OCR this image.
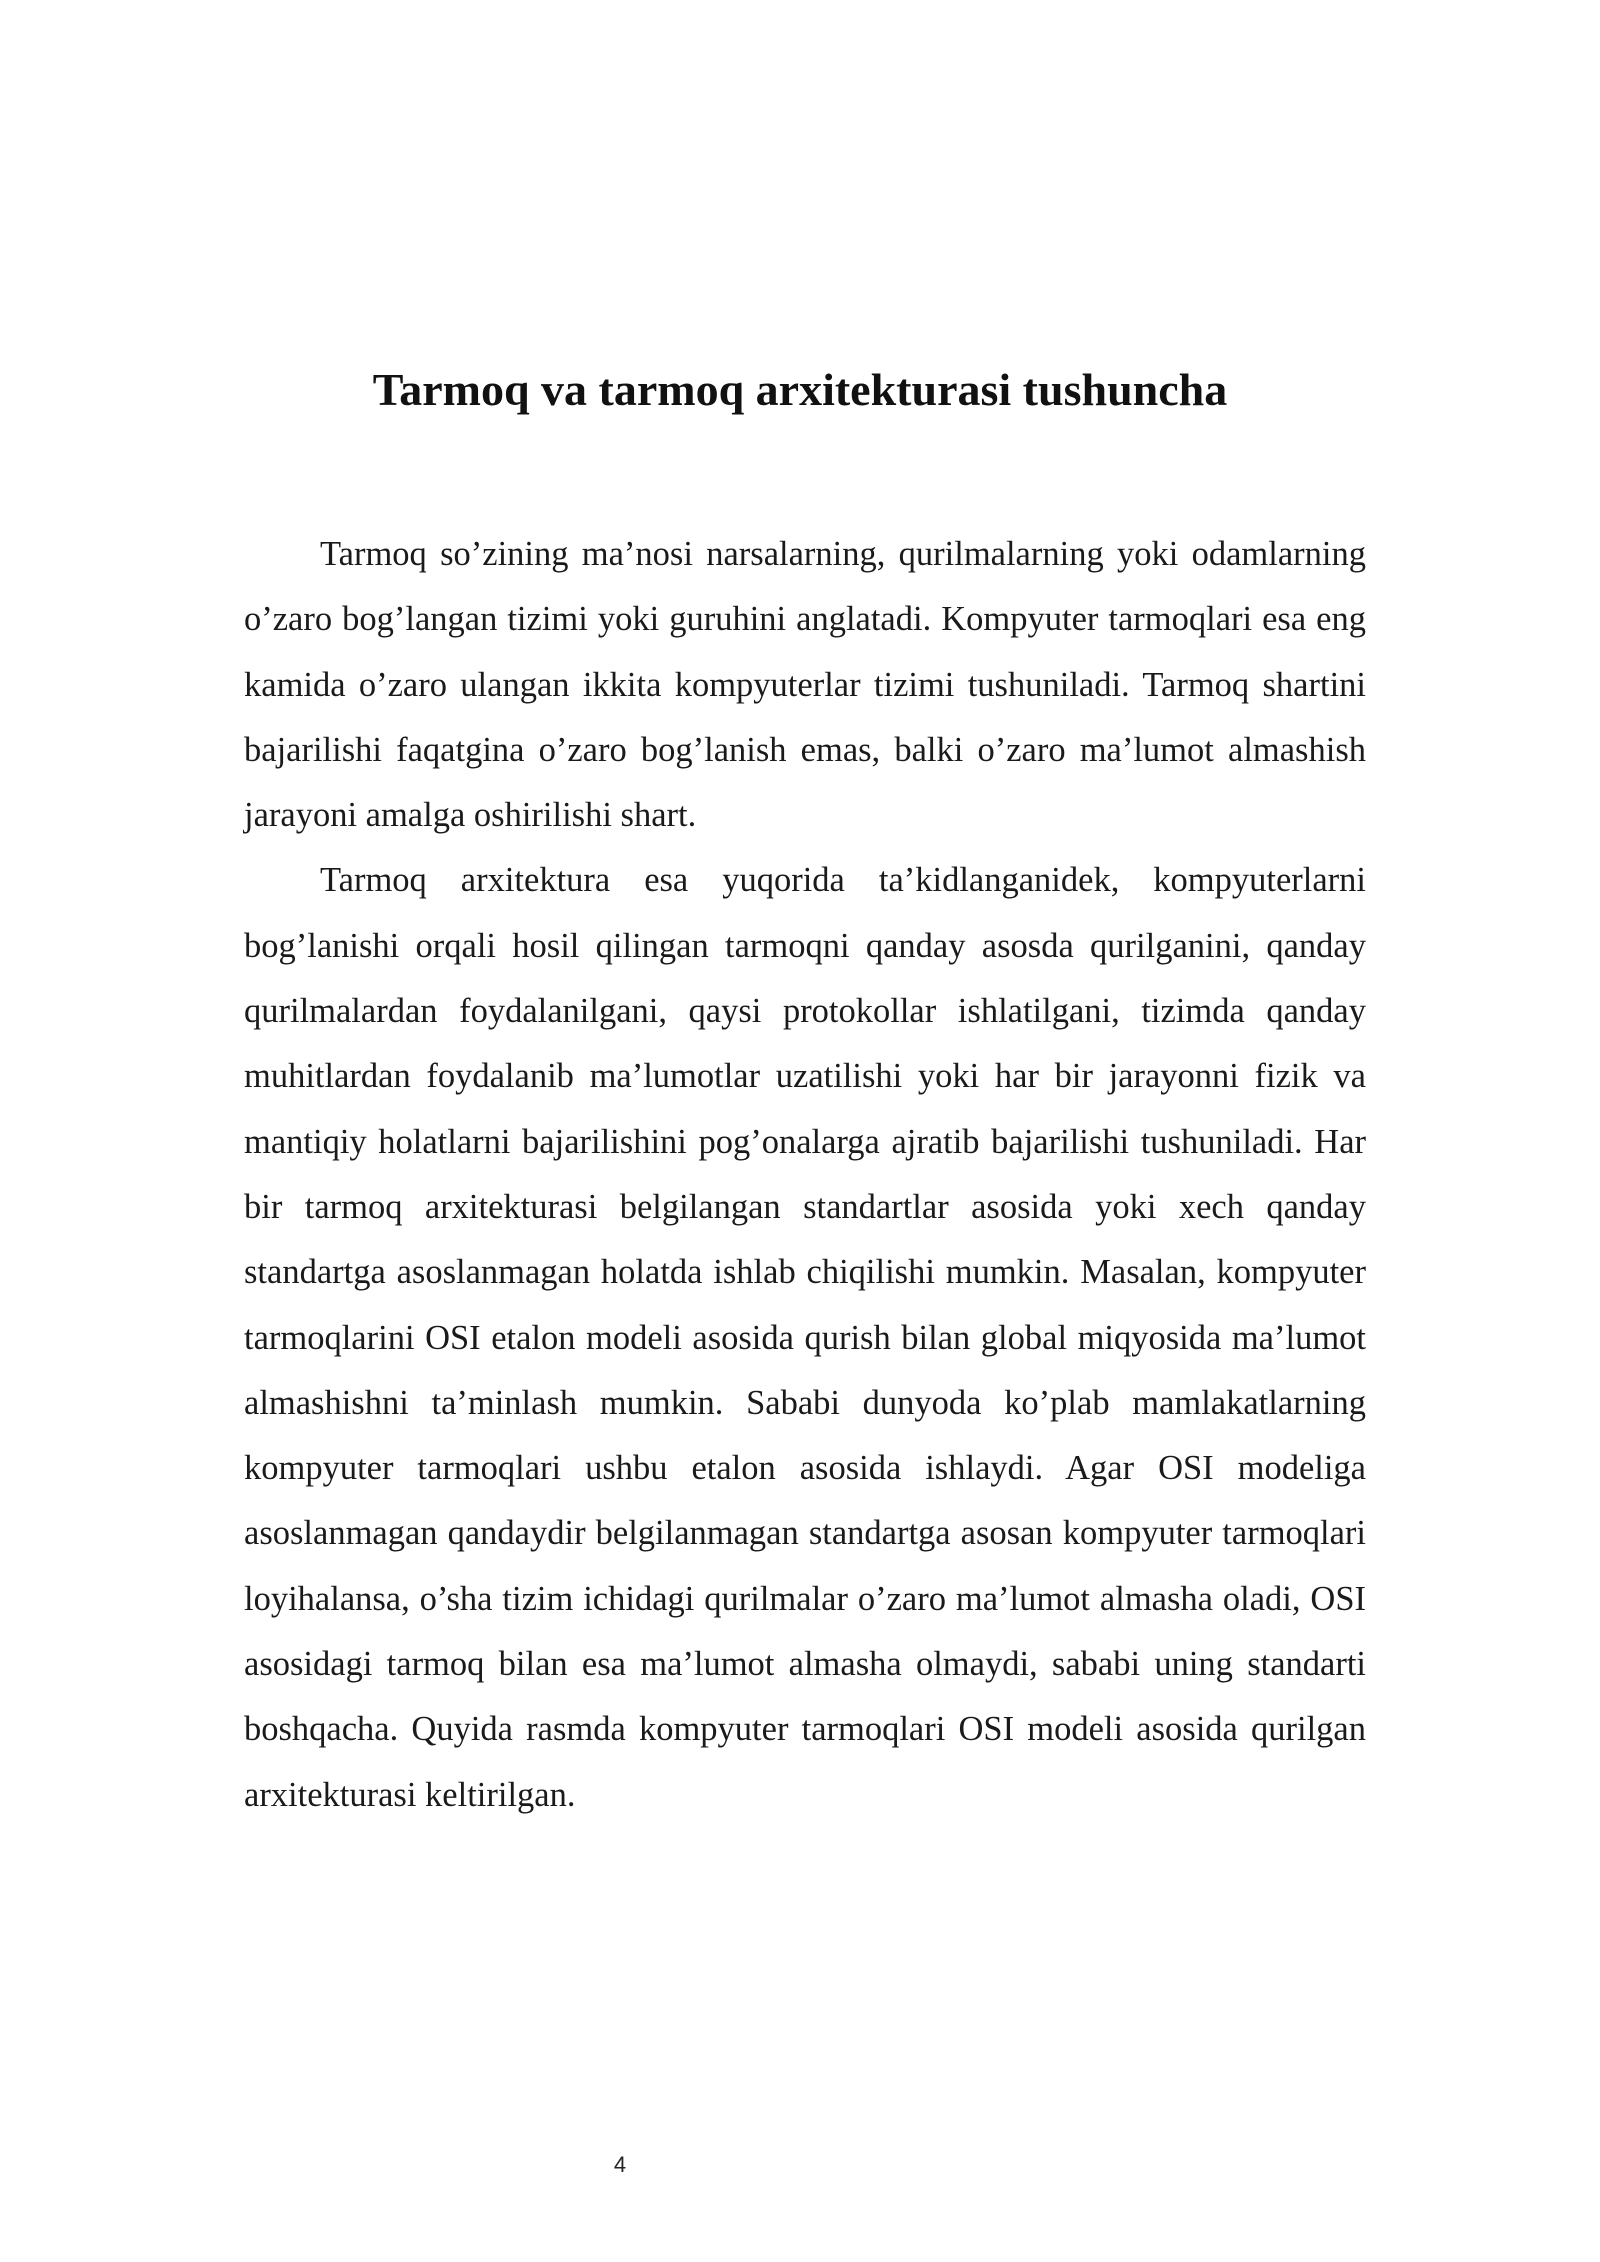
Tarmoq va tarmoq arxitekturasi tushuncha

Tarmoq so’zining ma’nosi narsalarning, qurilmalarning yoki odamlarning o’zaro bog’langan tizimi yoki guruhini anglatadi. Kompyuter tarmoqlari esa eng kamida o’zaro ulangan ikkita kompyuterlar tizimi tushuniladi. Tarmoq shartini bajarilishi faqatgina o’zaro bog’lanish emas, balki o’zaro ma’lumot almashish jarayoni amalga oshirilishi shart.

Tarmoq arxitektura esa yuqorida ta’kidlanganidek, kompyuterlarni bog’lanishi orqali hosil qilingan tarmoqni qanday asosda qurilganini, qanday qurilmalardan foydalanilgani, qaysi protokollar ishlatilgani, tizimda qanday muhitlardan foydalanib ma’lumotlar uzatilishi yoki har bir jarayonni fizik va mantiqiy holatlarni bajarilishini pog’onalarga ajratib bajarilishi tushuniladi. Har bir tarmoq arxitekturasi belgilangan standartlar asosida yoki xech qanday standartga asoslanmagan holatda ishlab chiqilishi mumkin. Masalan, kompyuter tarmoqlarini OSI etalon modeli asosida qurish bilan global miqyosida ma’lumot almashishni ta’minlash mumkin. Sababi dunyoda ko’plab mamlakatlarning kompyuter tarmoqlari ushbu etalon asosida ishlaydi. Agar OSI modeliga asoslanmagan qandaydir belgilanmagan standartga asosan kompyuter tarmoqlari loyihalansa, o’sha tizim ichidagi qurilmalar o’zaro ma’lumot almasha oladi, OSI asosidagi tarmoq bilan esa ma’lumot almasha olmaydi, sababi uning standarti boshqacha. Quyida rasmda kompyuter tarmoqlari OSI modeli asosida qurilgan arxitekturasi keltirilgan.

4
